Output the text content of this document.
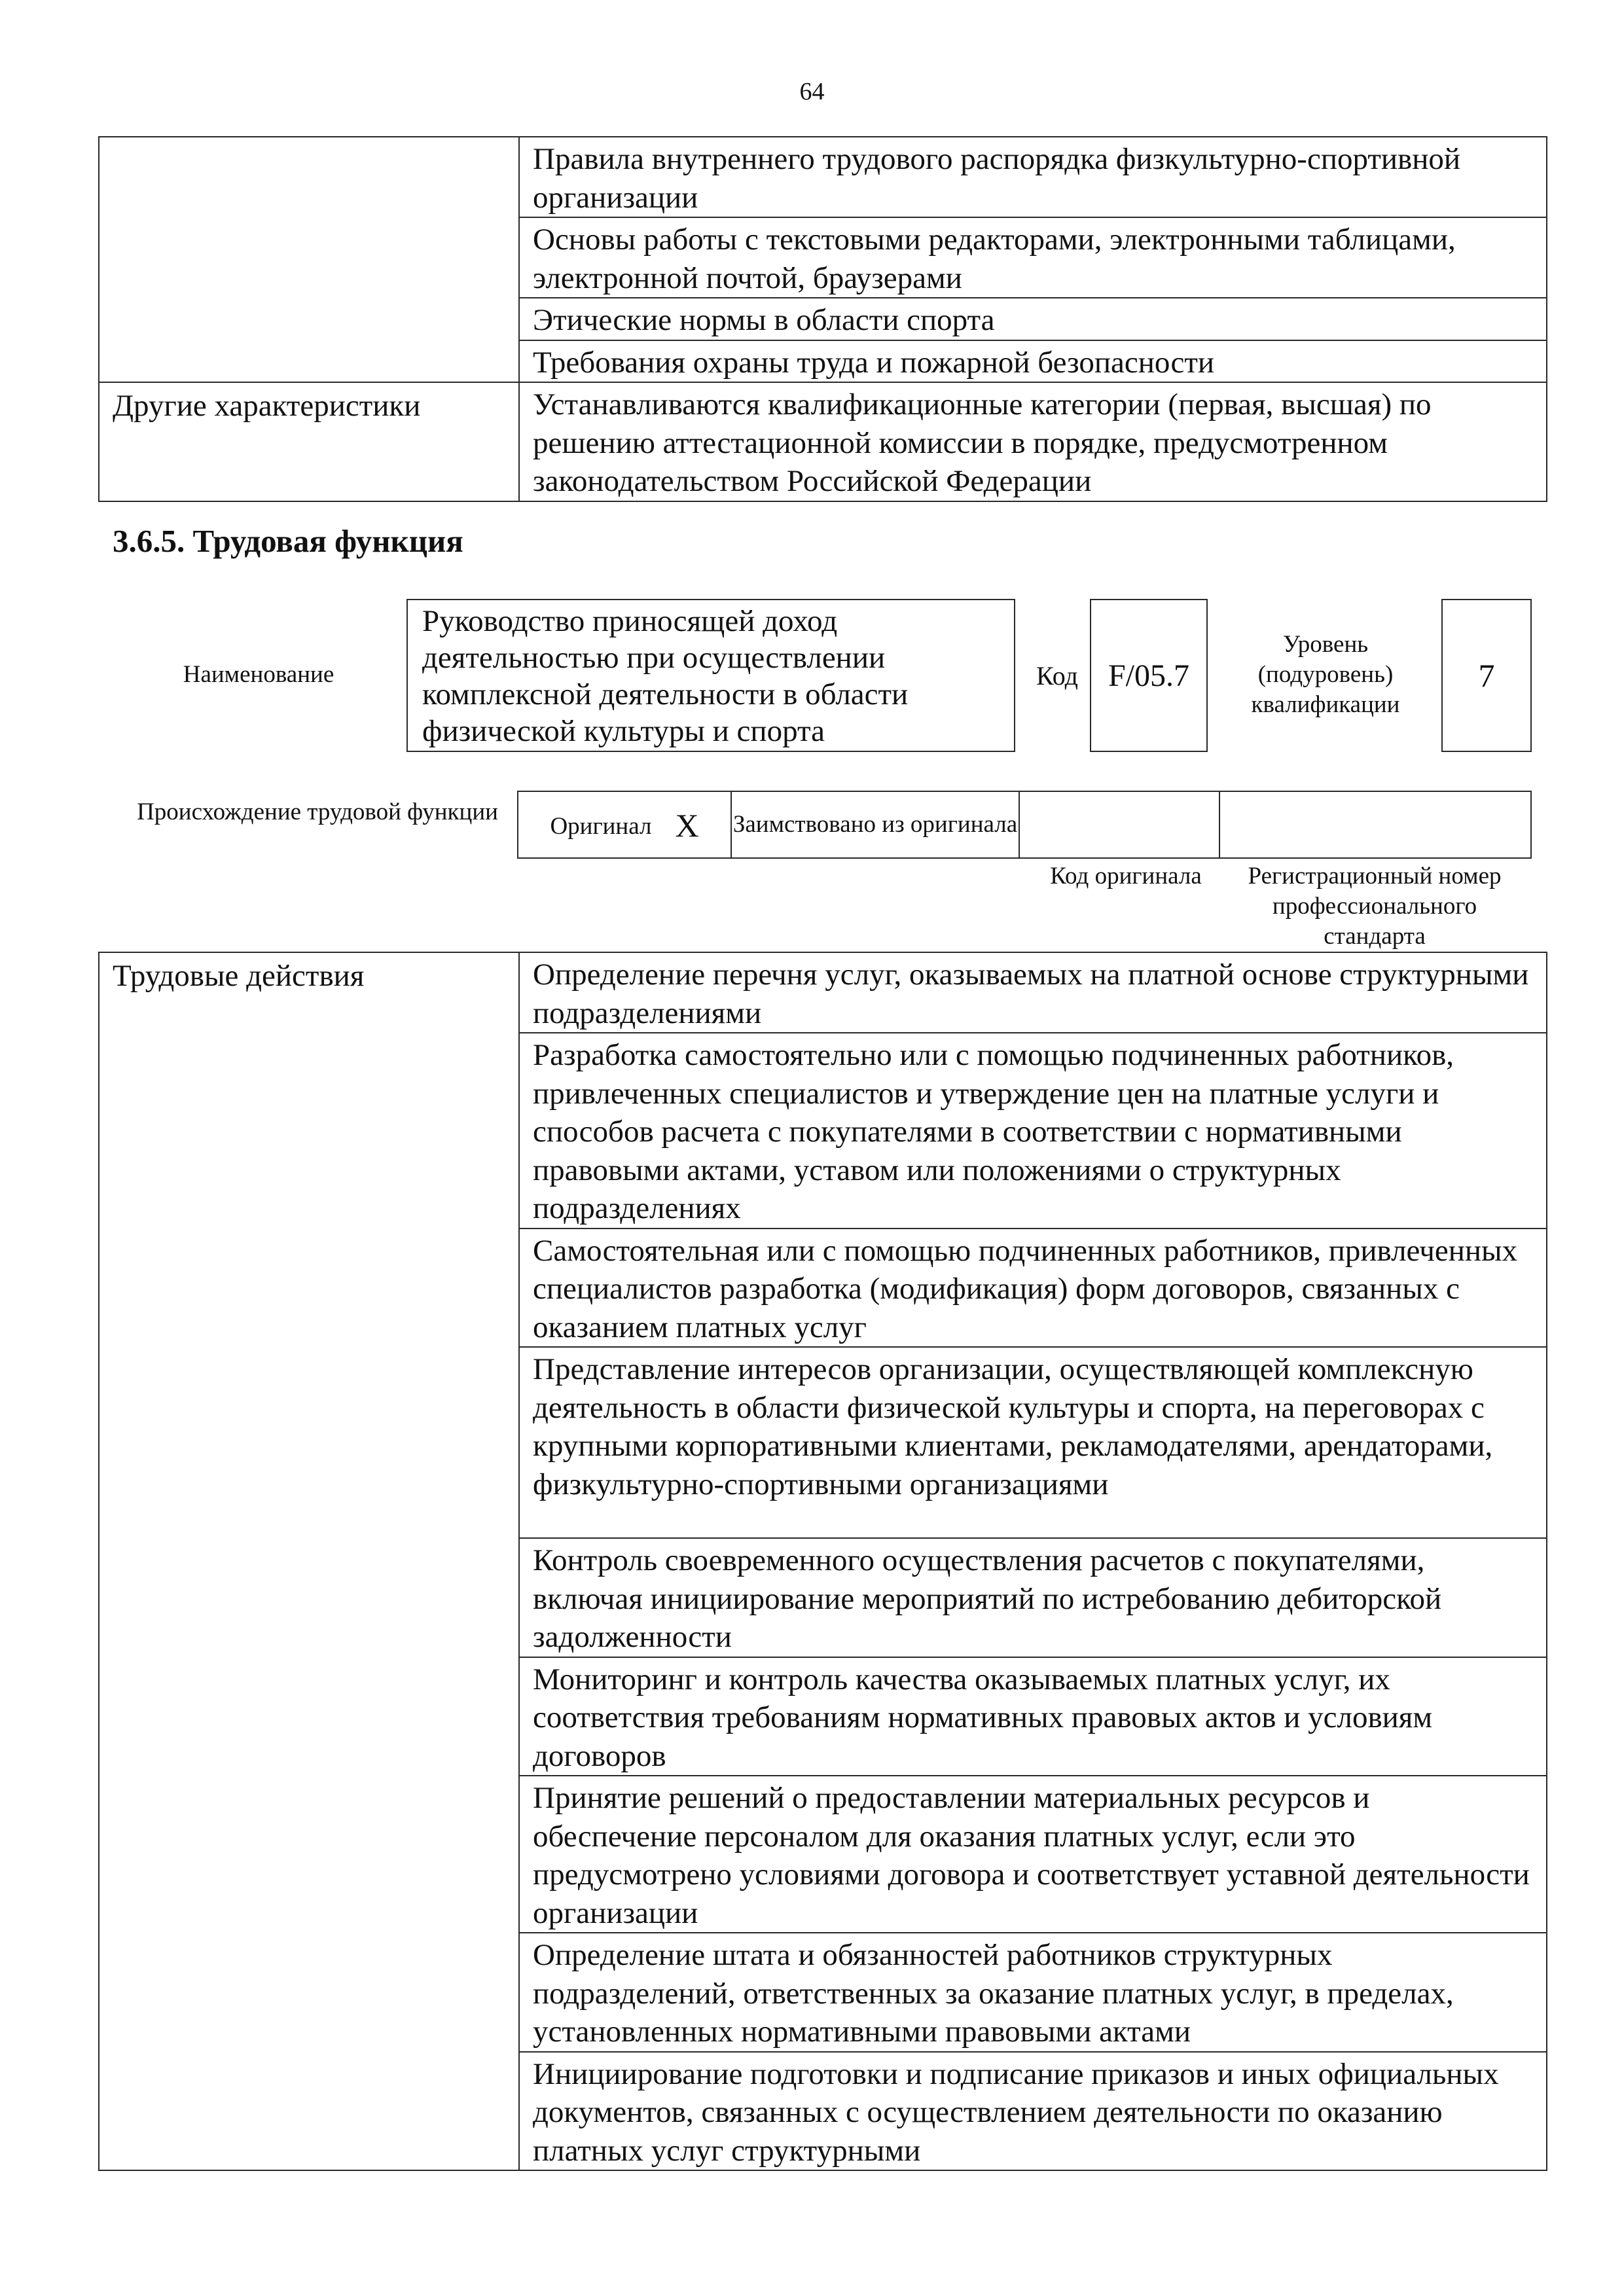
64
	Правила внутреннего трудового распорядка физкультурно-спортивной организации
	Основы работы с текстовыми редакторами, электронными таблицами, электронной почтой, браузерами
	Этические нормы в области спорта
	Требования охраны труда и пожарной безопасности
Другие характеристики	Устанавливаются квалификационные категории (первая, высшая) по решению аттестационной комиссии в порядке, предусмотренном законодательством Российской Федерации
3.6.5. Трудовая функция
Наименование
Руководство приносящей доход деятельностью при осуществлении комплексной деятельности в области физической культуры и спорта
Код F/05.7
Уровень (подуровень) квалификации
7
Происхождение трудовой функции
Оригинал X	Заимствовано из оригинала		
Код оригинала	Регистрационный номер профессионального стандарта
Трудовые действия	Определение перечня услуг, оказываемых на платной основе структурными подразделениями
Разработка самостоятельно или с помощью подчиненных работников, привлеченных специалистов и утверждение цен на платные услуги и способов расчета с покупателями в соответствии с нормативными правовыми актами, уставом или положениями о структурных подразделениях
Самостоятельная или с помощью подчиненных работников, привлеченных специалистов разработка (модификация) форм договоров, связанных с оказанием платных услуг
Представление интересов организации, осуществляющей комплексную деятельность в области физической культуры и спорта, на переговорах с крупными корпоративными клиентами, рекламодателями, арендаторами, физкультурно-спортивными организациями
Контроль своевременного осуществления расчетов с покупателями, включая инициирование мероприятий по истребованию дебиторской задолженности
Мониторинг и контроль качества оказываемых платных услуг, их соответствия требованиям нормативных правовых актов и условиям договоров
Принятие решений о предоставлении материальных ресурсов и обеспечение персоналом для оказания платных услуг, если это предусмотрено условиями договора и соответствует уставной деятельности организации
Определение штата и обязанностей работников структурных подразделений, ответственных за оказание платных услуг, в пределах, установленных нормативными правовыми актами
Инициирование подготовки и подписание приказов и иных официальных документов, связанных с осуществлением деятельности по оказанию платных услуг структурными
